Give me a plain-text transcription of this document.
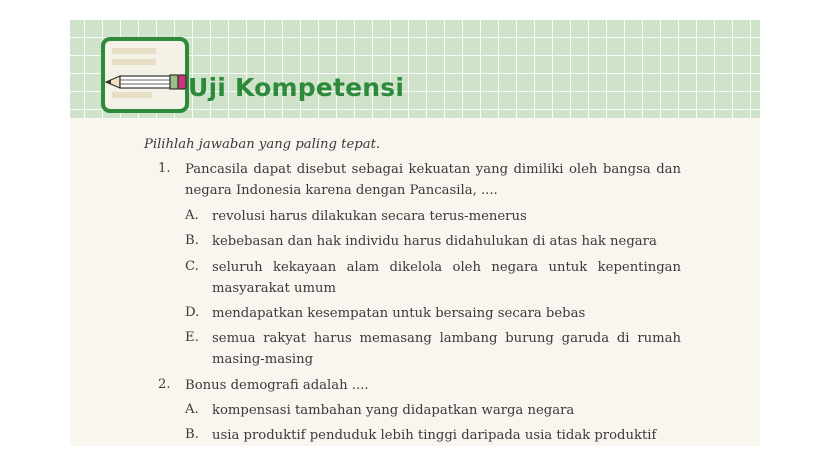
Uji Kompetensi
Pilihlah jawaban yang paling tepat.
1.	Pancasila dapat disebut sebagai kekuatan yang dimiliki oleh bangsa dan negara Indonesia karena dengan Pancasila, ....
A. revolusi harus dilakukan secara terus-menerus
B. kebebasan dan hak individu harus didahulukan di atas hak negara
C. seluruh kekayaan alam dikelola oleh negara untuk kepentingan masyarakat umum
D. mendapatkan kesempatan untuk bersaing secara bebas
E. semua rakyat harus memasang lambang burung garuda di rumah masing-masing
2.	Bonus demografi adalah ....
A. kompensasi tambahan yang didapatkan warga negara
B. usia produktif penduduk lebih tinggi daripada usia tidak produktif
